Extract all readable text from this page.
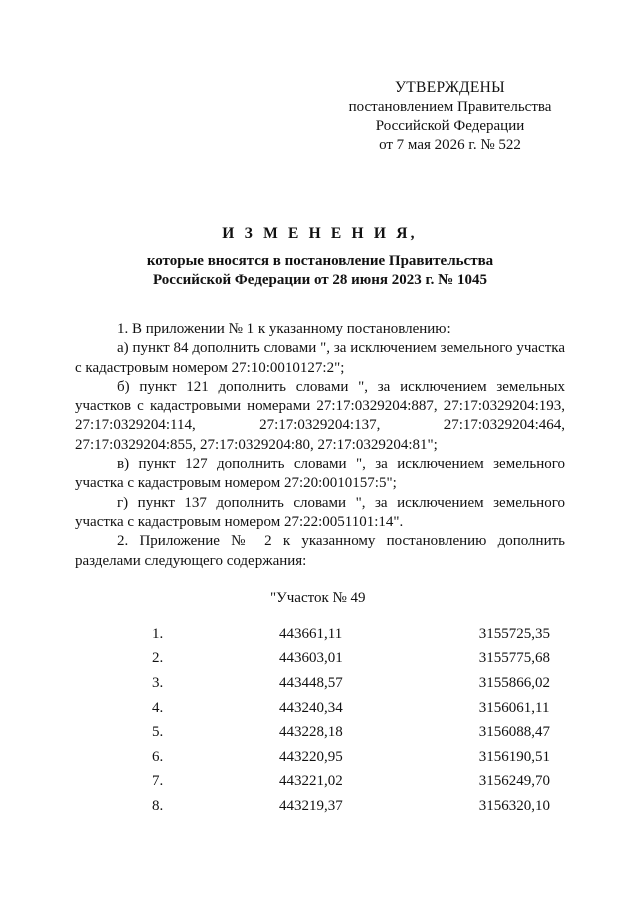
УТВЕРЖДЕНЫ
постановлением Правительства
Российской Федерации
от 7 мая 2026 г. № 522
И З М Е Н Е Н И Я,
которые вносятся в постановление Правительства
Российской Федерации от 28 июня 2023 г. № 1045

1. В приложении № 1 к указанному постановлению:

а) пункт 84 дополнить словами ", за исключением земельного участка с кадастровым номером 27:10:0010127:2";

б) пункт 121 дополнить словами ", за исключением земельных участков с кадастровыми номерами 27:17:0329204:887, 27:17:0329204:193, 27:17:0329204:114, 27:17:0329204:137, 27:17:0329204:464, 27:17:0329204:855, 27:17:0329204:80, 27:17:0329204:81";

в) пункт 127 дополнить словами ", за исключением земельного участка с кадастровым номером 27:20:0010157:5";

г) пункт 137 дополнить словами ", за исключением земельного участка с кадастровым номером 27:22:0051101:14".

2. Приложение № 2 к указанному постановлению дополнить разделами следующего содержания:

"Участок № 49
1.	443661,11	3155725,35
2.	443603,01	3155775,68
3.	443448,57	3155866,02
4.	443240,34	3156061,11
5.	443228,18	3156088,47
6.	443220,95	3156190,51
7.	443221,02	3156249,70
8.	443219,37	3156320,10
